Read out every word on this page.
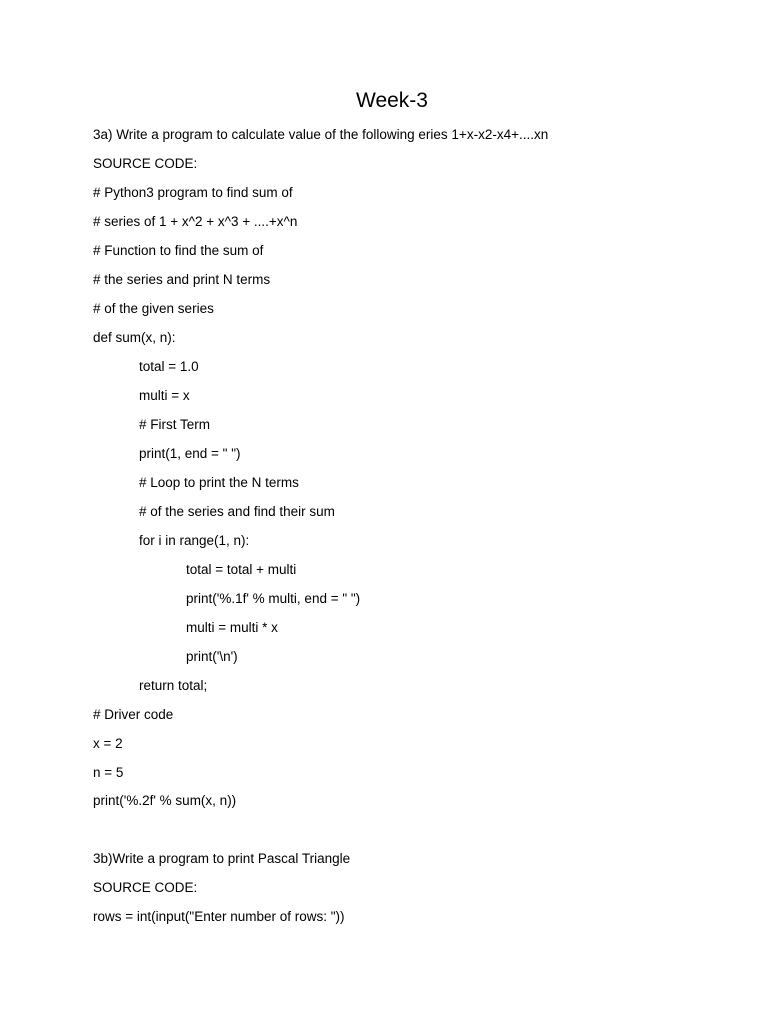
Week-3

3a) Write a program to calculate value of the following eries 1+x-x2-x4+....xn

SOURCE CODE:

# Python3 program to find sum of

# series of 1 + x^2 + x^3 + ....+x^n

# Function to find the sum of

# the series and print N terms

# of the given series

def sum(x, n):

total = 1.0

multi = x

# First Term

print(1, end = " ")

# Loop to print the N terms

# of the series and find their sum

for i in range(1, n):

total = total + multi

print('%.1f' % multi, end = " ")

multi = multi * x

print('\n')

return total;

# Driver code

x = 2

n = 5

print('%.2f' % sum(x, n))

3b)Write a program to print Pascal Triangle

SOURCE CODE:

rows = int(input("Enter number of rows: "))
